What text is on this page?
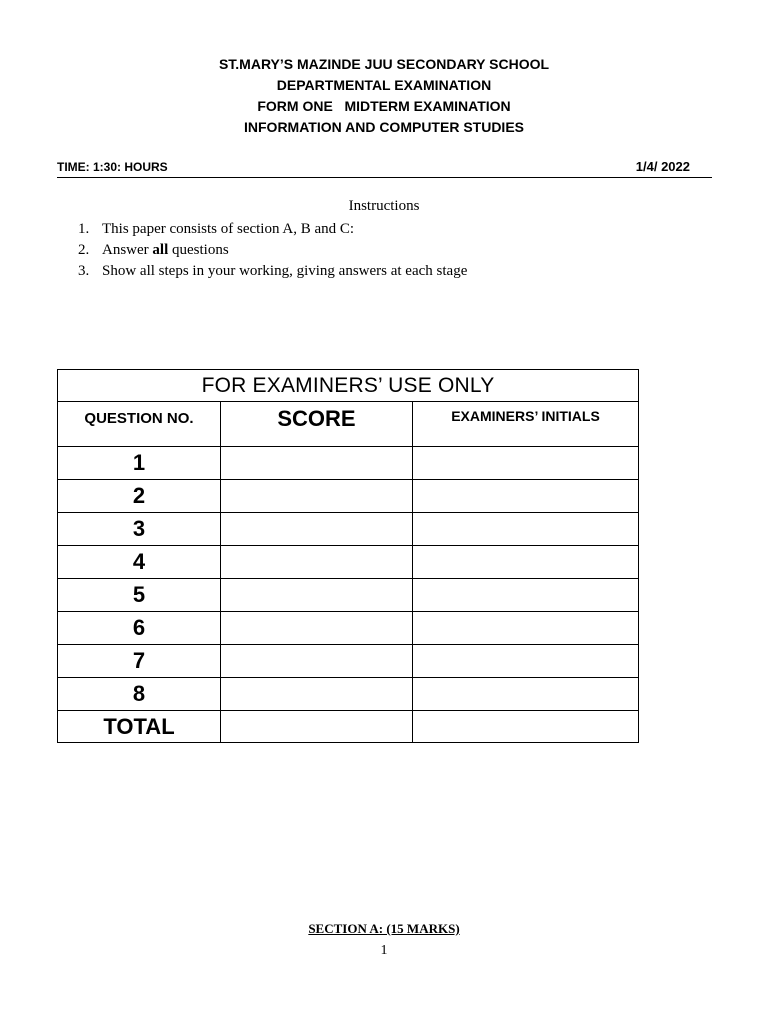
ST.MARY’S MAZINDE JUU SECONDARY SCHOOL
DEPARTMENTAL EXAMINATION
FORM ONE   MIDTERM EXAMINATION
INFORMATION AND COMPUTER STUDIES
TIME: 1:30: HOURS	1/4/ 2022
Instructions
1. This paper consists of section A, B and C:
2. Answer all questions
3. Show all steps in your working, giving answers at each stage
FOR EXAMINERS’ USE ONLY		
QUESTION NO.	SCORE	EXAMINERS’ INITIALS
1		
2		
3		
4		
5		
6		
7		
8		
TOTAL		
SECTION A: (15 MARKS)
1
